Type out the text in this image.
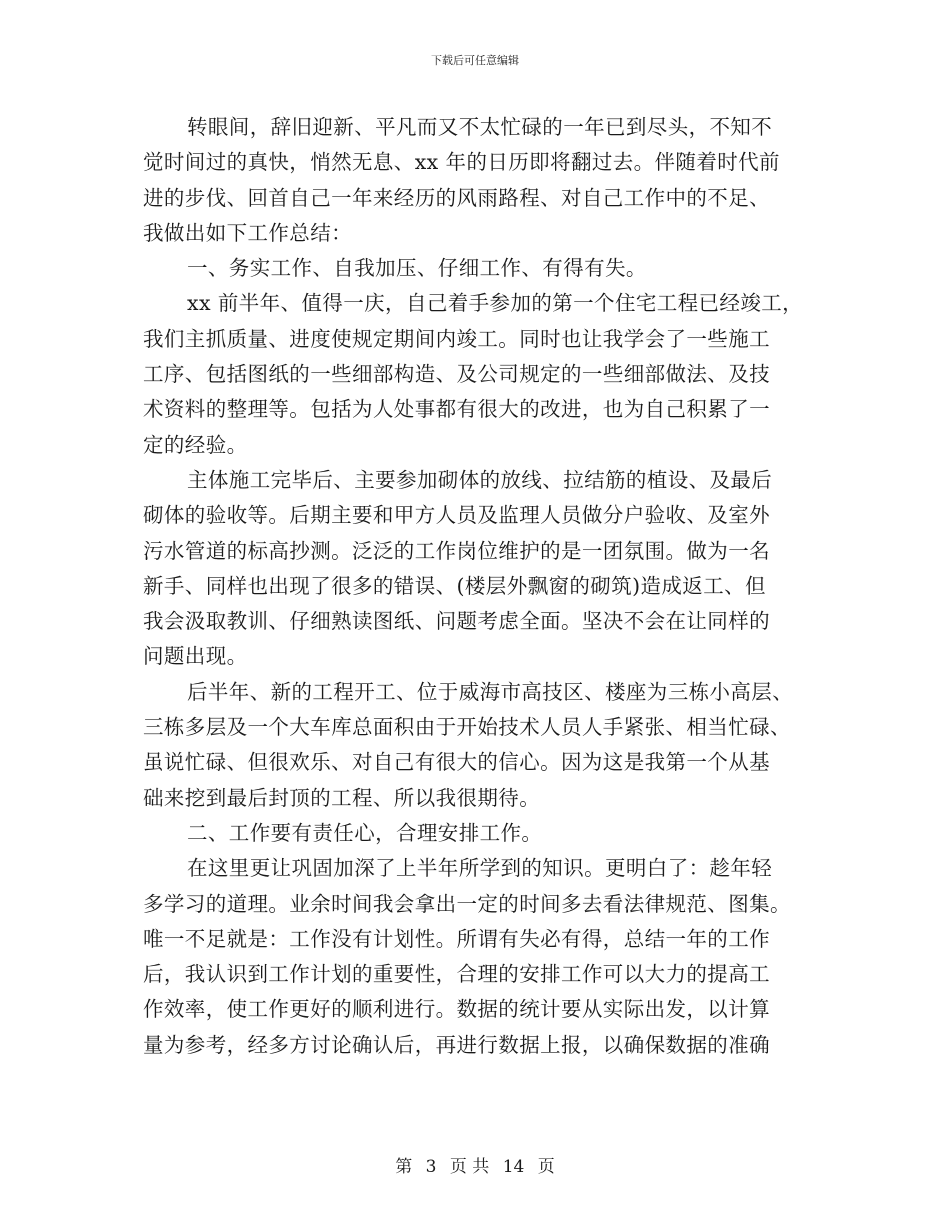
下载后可任意编辑
转眼间，辞旧迎新、平凡而又不太忙碌的一年已到尽头，不知不
觉时间过的真快，悄然无息、xx 年的日历即将翻过去。伴随着时代前
进的步伐、回首自己一年来经历的风雨路程、对自己工作中的不足、
我做出如下工作总结：
一、务实工作、自我加压、仔细工作、有得有失。
xx 前半年、值得一庆，自己着手参加的第一个住宅工程已经竣工，
我们主抓质量、进度使规定期间内竣工。同时也让我学会了一些施工
工序、包括图纸的一些细部构造、及公司规定的一些细部做法、及技
术资料的整理等。包括为人处事都有很大的改进，也为自己积累了一
定的经验。
主体施工完毕后、主要参加砌体的放线、拉结筋的植设、及最后
砌体的验收等。后期主要和甲方人员及监理人员做分户验收、及室外
污水管道的标高抄测。泛泛的工作岗位维护的是一团氛围。做为一名
新手、同样也出现了很多的错误、(楼层外飘窗的砌筑)造成返工、但
我会汲取教训、仔细熟读图纸、问题考虑全面。坚决不会在让同样的
问题出现。
后半年、新的工程开工、位于威海市高技区、楼座为三栋小高层、
三栋多层及一个大车库总面积由于开始技术人员人手紧张、相当忙碌、
虽说忙碌、但很欢乐、对自己有很大的信心。因为这是我第一个从基
础来挖到最后封顶的工程、所以我很期待。
二、工作要有责任心，合理安排工作。
在这里更让巩固加深了上半年所学到的知识。更明白了：趁年轻
多学习的道理。业余时间我会拿出一定的时间多去看法律规范、图集。
唯一不足就是：工作没有计划性。所谓有失必有得，总结一年的工作
后，我认识到工作计划的重要性，合理的安排工作可以大力的提高工
作效率，使工作更好的顺利进行。数据的统计要从实际出发，以计算
量为参考，经多方讨论确认后，再进行数据上报，以确保数据的准确
第 3 页 共 14 页
